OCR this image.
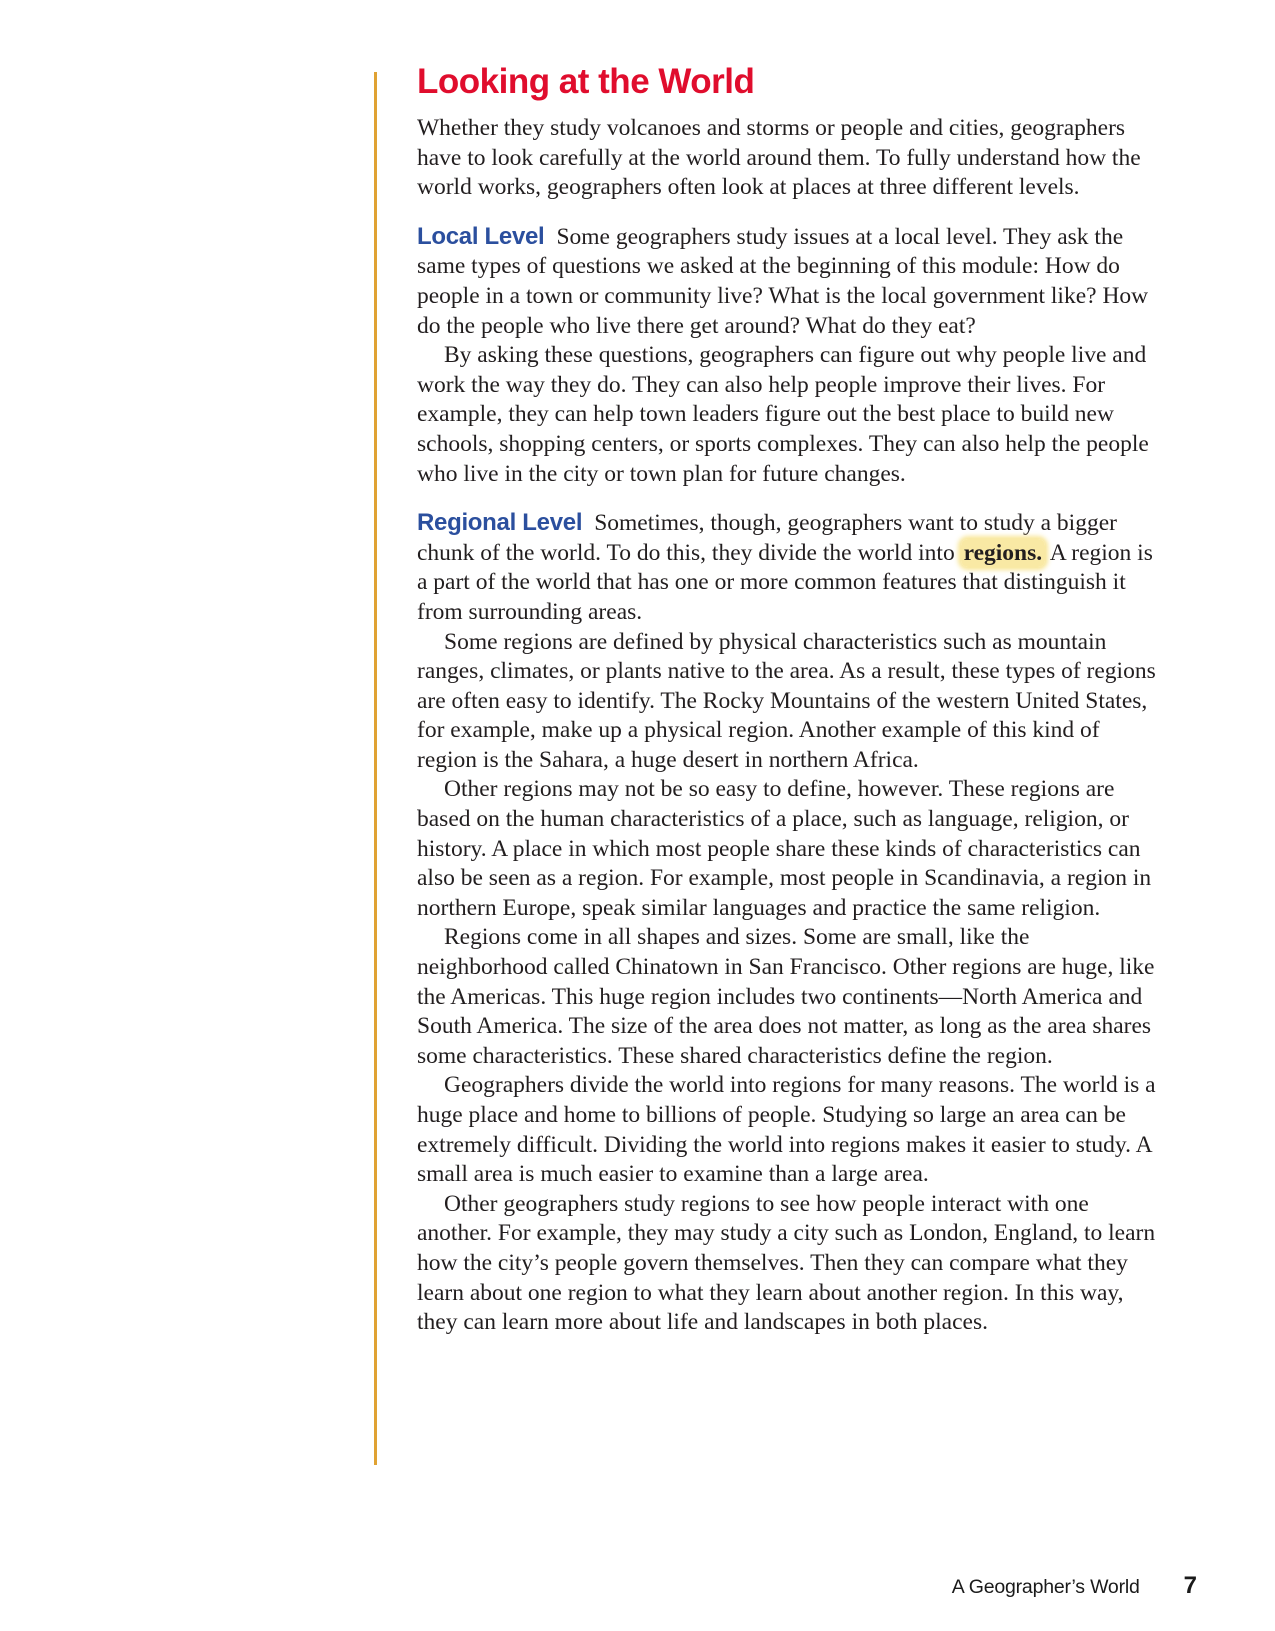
Looking at the World

Whether they study volcanoes and storms or people and cities, geographers have to look carefully at the world around them. To fully understand how the world works, geographers often look at places at three different levels.

Local Level Some geographers study issues at a local level. They ask the same types of questions we asked at the beginning of this module: How do people in a town or community live? What is the local government like? How do the people who live there get around? What do they eat?

By asking these questions, geographers can figure out why people live and work the way they do. They can also help people improve their lives. For example, they can help town leaders figure out the best place to build new schools, shopping centers, or sports complexes. They can also help the people who live in the city or town plan for future changes.

Regional Level Sometimes, though, geographers want to study a bigger chunk of the world. To do this, they divide the world into regions. A region is a part of the world that has one or more common features that distinguish it from surrounding areas.

Some regions are defined by physical characteristics such as mountain ranges, climates, or plants native to the area. As a result, these types of regions are often easy to identify. The Rocky Mountains of the western United States, for example, make up a physical region. Another example of this kind of region is the Sahara, a huge desert in northern Africa.

Other regions may not be so easy to define, however. These regions are based on the human characteristics of a place, such as language, religion, or history. A place in which most people share these kinds of characteristics can also be seen as a region. For example, most people in Scandinavia, a region in northern Europe, speak similar languages and practice the same religion.

Regions come in all shapes and sizes. Some are small, like the neighborhood called Chinatown in San Francisco. Other regions are huge, like the Americas. This huge region includes two continents—North America and South America. The size of the area does not matter, as long as the area shares some characteristics. These shared characteristics define the region.

Geographers divide the world into regions for many reasons. The world is a huge place and home to billions of people. Studying so large an area can be extremely difficult. Dividing the world into regions makes it easier to study. A small area is much easier to examine than a large area.

Other geographers study regions to see how people interact with one another. For example, they may study a city such as London, England, to learn how the city’s people govern themselves. Then they can compare what they learn about one region to what they learn about another region. In this way, they can learn more about life and landscapes in both places.

A Geographer’s World 7
